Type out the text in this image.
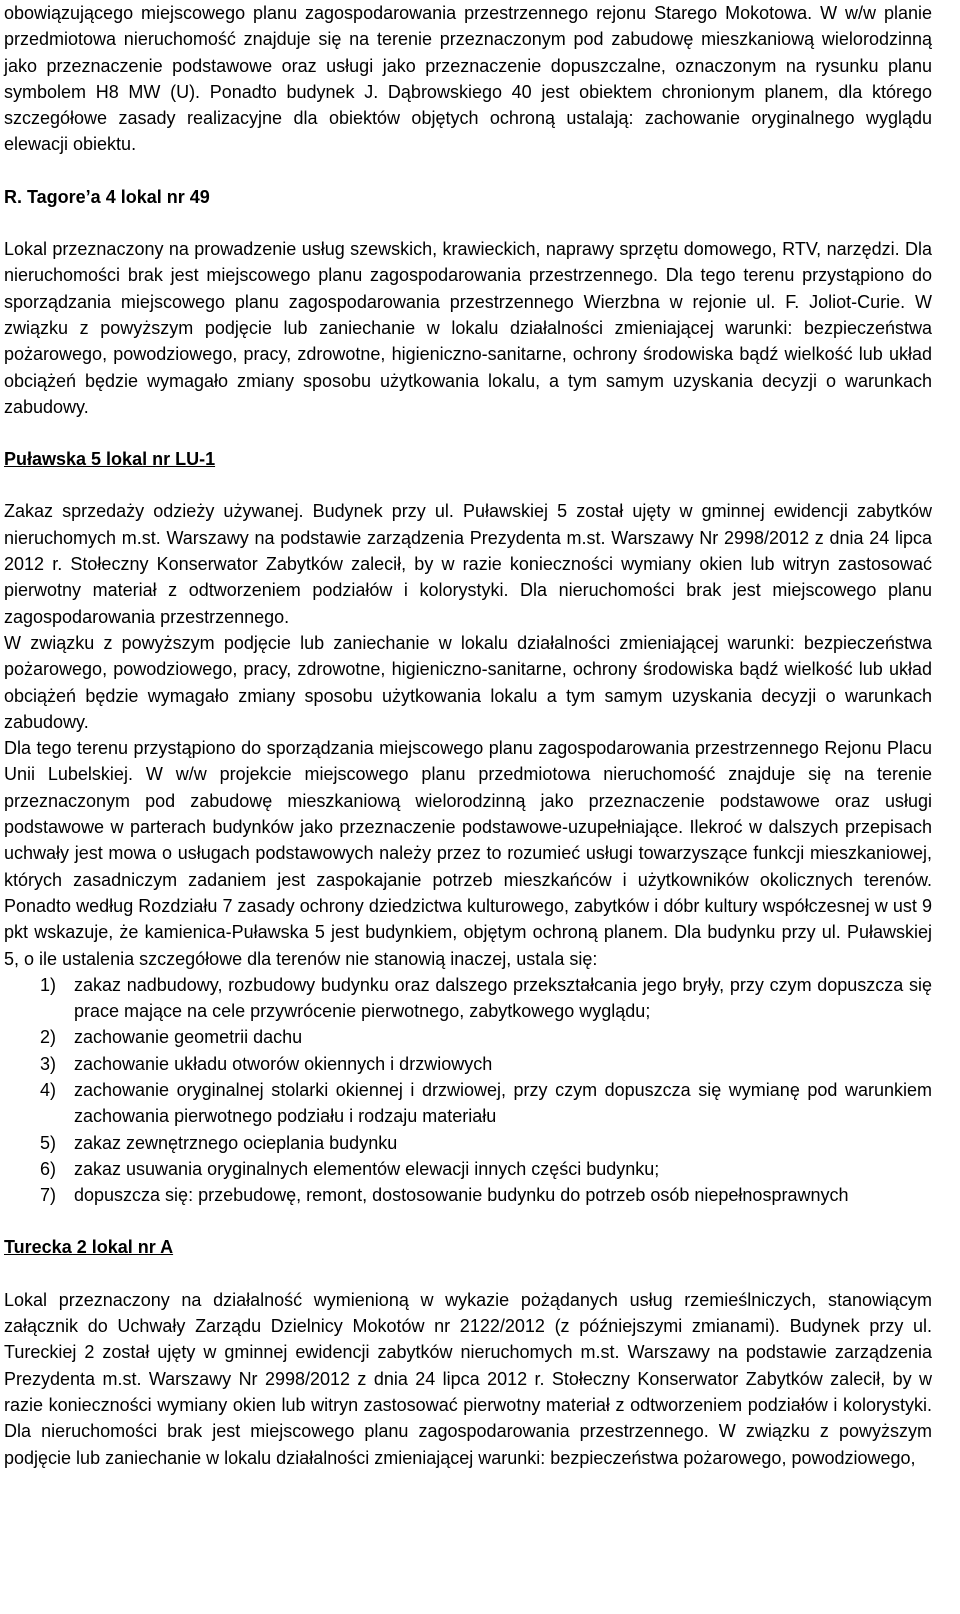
obowiązującego miejscowego planu zagospodarowania przestrzennego rejonu Starego Mokotowa. W w/w planie przedmiotowa nieruchomość znajduje się na terenie przeznaczonym pod zabudowę mieszkaniową wielorodzinną jako przeznaczenie podstawowe oraz usługi jako przeznaczenie dopuszczalne, oznaczonym na rysunku planu symbolem H8 MW (U). Ponadto budynek J. Dąbrowskiego 40 jest obiektem chronionym planem, dla którego szczegółowe zasady realizacyjne dla obiektów objętych ochroną ustalają: zachowanie oryginalnego wyglądu elewacji obiektu.

R. Tagore’a 4 lokal nr 49

Lokal przeznaczony na prowadzenie usług szewskich, krawieckich, naprawy sprzętu domowego, RTV, narzędzi. Dla nieruchomości brak jest miejscowego planu zagospodarowania przestrzennego. Dla tego terenu przystąpiono do sporządzania miejscowego planu zagospodarowania przestrzennego Wierzbna w rejonie ul. F. Joliot-Curie. W związku z powyższym podjęcie lub zaniechanie w lokalu działalności zmieniającej warunki: bezpieczeństwa pożarowego, powodziowego, pracy, zdrowotne, higieniczno-sanitarne, ochrony środowiska bądź wielkość lub układ obciążeń będzie wymagało zmiany sposobu użytkowania lokalu, a tym samym uzyskania decyzji o warunkach zabudowy.

Puławska 5 lokal nr LU-1

Zakaz sprzedaży odzieży używanej. Budynek przy ul. Puławskiej 5 został ujęty w gminnej ewidencji zabytków nieruchomych m.st. Warszawy na podstawie zarządzenia Prezydenta m.st. Warszawy Nr 2998/2012 z dnia 24 lipca 2012 r. Stołeczny Konserwator Zabytków zalecił, by w razie konieczności wymiany okien lub witryn zastosować pierwotny materiał z odtworzeniem podziałów i kolorystyki. Dla nieruchomości brak jest miejscowego planu zagospodarowania przestrzennego.

W związku z powyższym podjęcie lub zaniechanie w lokalu działalności zmieniającej warunki: bezpieczeństwa pożarowego, powodziowego, pracy, zdrowotne, higieniczno-sanitarne, ochrony środowiska bądź wielkość lub układ obciążeń będzie wymagało zmiany sposobu użytkowania lokalu a tym samym uzyskania decyzji o warunkach zabudowy.

Dla tego terenu przystąpiono do sporządzania miejscowego planu zagospodarowania przestrzennego Rejonu Placu Unii Lubelskiej. W w/w projekcie miejscowego planu przedmiotowa nieruchomość znajduje się na terenie przeznaczonym pod zabudowę mieszkaniową wielorodzinną jako przeznaczenie podstawowe oraz usługi podstawowe w parterach budynków jako przeznaczenie podstawowe-uzupełniające. Ilekroć w dalszych przepisach uchwały jest mowa o usługach podstawowych należy przez to rozumieć usługi towarzyszące funkcji mieszkaniowej, których zasadniczym zadaniem jest zaspokajanie potrzeb mieszkańców i użytkowników okolicznych terenów. Ponadto według Rozdziału 7 zasady ochrony dziedzictwa kulturowego, zabytków i dóbr kultury współczesnej w ust 9 pkt wskazuje, że kamienica-Puławska 5 jest budynkiem, objętym ochroną planem. Dla budynku przy ul. Puławskiej 5, o ile ustalenia szczegółowe dla terenów nie stanowią inaczej, ustala się:

1) zakaz nadbudowy, rozbudowy budynku oraz dalszego przekształcania jego bryły, przy czym dopuszcza się prace mające na cele przywrócenie pierwotnego, zabytkowego wyglądu;
2) zachowanie geometrii dachu
3) zachowanie układu otworów okiennych i drzwiowych
4) zachowanie oryginalnej stolarki okiennej i drzwiowej, przy czym dopuszcza się wymianę pod warunkiem zachowania pierwotnego podziału i rodzaju materiału
5) zakaz zewnętrznego ocieplania budynku
6) zakaz usuwania oryginalnych elementów elewacji innych części budynku;
7) dopuszcza się: przebudowę, remont, dostosowanie budynku do potrzeb osób niepełnosprawnych

Turecka 2 lokal nr A

Lokal przeznaczony na działalność wymienioną w wykazie pożądanych usług rzemieślniczych, stanowiącym załącznik do Uchwały Zarządu Dzielnicy Mokotów nr 2122/2012 (z późniejszymi zmianami). Budynek przy ul. Tureckiej 2 został ujęty w gminnej ewidencji zabytków nieruchomych m.st. Warszawy na podstawie zarządzenia Prezydenta m.st. Warszawy Nr 2998/2012 z dnia 24 lipca 2012 r. Stołeczny Konserwator Zabytków zalecił, by w razie konieczności wymiany okien lub witryn zastosować pierwotny materiał z odtworzeniem podziałów i kolorystyki. Dla nieruchomości brak jest miejscowego planu zagospodarowania przestrzennego. W związku z powyższym podjęcie lub zaniechanie w lokalu działalności zmieniającej warunki: bezpieczeństwa pożarowego, powodziowego,
